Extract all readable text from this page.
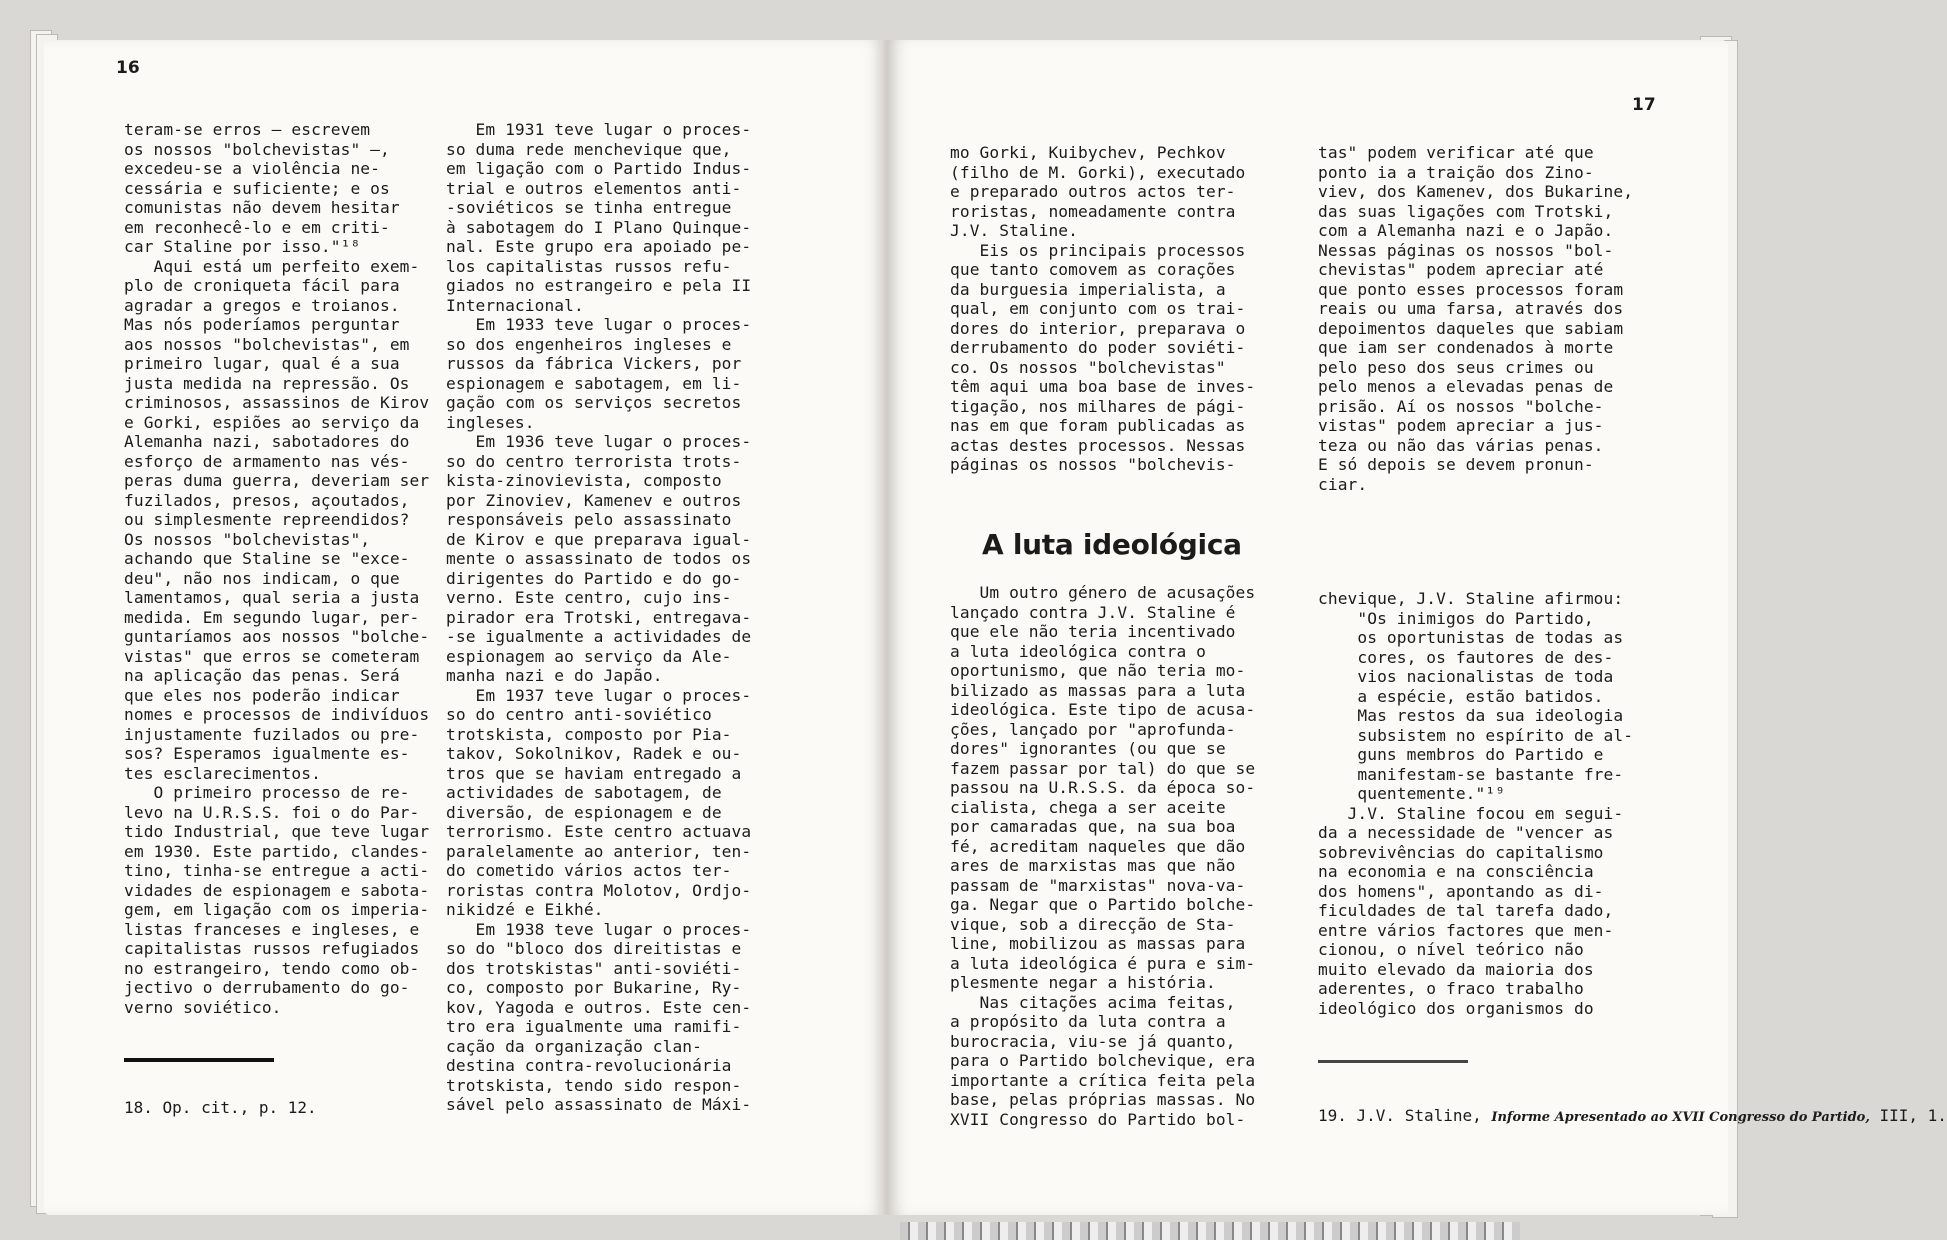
16
teram-se erros — escrevem
os nossos "bolchevistas" —,
excedeu-se a violência ne-
cessária e suficiente; e os
comunistas não devem hesitar
em reconhecê-lo e em criti-
car Staline por isso."¹⁸
Aqui está um perfeito exem-
plo de croniqueta fácil para
agradar a gregos e troianos.
Mas nós poderíamos perguntar
aos nossos "bolchevistas", em
primeiro lugar, qual é a sua
justa medida na repressão. Os
criminosos, assassinos de Kirov
e Gorki, espiões ao serviço da
Alemanha nazi, sabotadores do
esforço de armamento nas vés-
peras duma guerra, deveriam ser
fuzilados, presos, açoutados,
ou simplesmente repreendidos?
Os nossos "bolchevistas",
achando que Staline se "exce-
deu", não nos indicam, o que
lamentamos, qual seria a justa
medida. Em segundo lugar, per-
guntaríamos aos nossos "bolche-
vistas" que erros se cometeram
na aplicação das penas. Será
que eles nos poderão indicar
nomes e processos de indivíduos
injustamente fuzilados ou pre-
sos? Esperamos igualmente es-
tes esclarecimentos.
O primeiro processo de re-
levo na U.R.S.S. foi o do Par-
tido Industrial, que teve lugar
em 1930. Este partido, clandes-
tino, tinha-se entregue a acti-
vidades de espionagem e sabota-
gem, em ligação com os imperia-
listas franceses e ingleses, e
capitalistas russos refugiados
no estrangeiro, tendo como ob-
jectivo o derrubamento do go-
verno soviético.
Em 1931 teve lugar o proces-
so duma rede menchevique que,
em ligação com o Partido Indus-
trial e outros elementos anti-
-soviéticos se tinha entregue
à sabotagem do I Plano Quinque-
nal. Este grupo era apoiado pe-
los capitalistas russos refu-
giados no estrangeiro e pela II
Internacional.
Em 1933 teve lugar o proces-
so dos engenheiros ingleses e
russos da fábrica Vickers, por
espionagem e sabotagem, em li-
gação com os serviços secretos
ingleses.
Em 1936 teve lugar o proces-
so do centro terrorista trots-
kista-zinovievista, composto
por Zinoviev, Kamenev e outros
responsáveis pelo assassinato
de Kirov e que preparava igual-
mente o assassinato de todos os
dirigentes do Partido e do go-
verno. Este centro, cujo ins-
pirador era Trotski, entregava-
-se igualmente a actividades de
espionagem ao serviço da Ale-
manha nazi e do Japão.
Em 1937 teve lugar o proces-
so do centro anti-soviético
trotskista, composto por Pia-
takov, Sokolnikov, Radek e ou-
tros que se haviam entregado a
actividades de sabotagem, de
diversão, de espionagem e de
terrorismo. Este centro actuava
paralelamente ao anterior, ten-
do cometido vários actos ter-
roristas contra Molotov, Ordjo-
nikidzé e Eikhé.
Em 1938 teve lugar o proces-
so do "bloco dos direitistas e
dos trotskistas" anti-soviéti-
co, composto por Bukarine, Ry-
kov, Yagoda e outros. Este cen-
tro era igualmente uma ramifi-
cação da organização clan-
destina contra-revolucionária
trotskista, tendo sido respon-
sável pelo assassinato de Máxi-
18. Op. cit., p. 12.
17
mo Gorki, Kuibychev, Pechkov
(filho de M. Gorki), executado
e preparado outros actos ter-
roristas, nomeadamente contra
J.V. Staline.
Eis os principais processos
que tanto comovem as corações
da burguesia imperialista, a
qual, em conjunto com os trai-
dores do interior, preparava o
derrubamento do poder soviéti-
co. Os nossos "bolchevistas"
têm aqui uma boa base de inves-
tigação, nos milhares de pági-
nas em que foram publicadas as
actas destes processos. Nessas
páginas os nossos "bolchevis-
tas" podem verificar até que
ponto ia a traição dos Zino-
viev, dos Kamenev, dos Bukarine,
das suas ligações com Trotski,
com a Alemanha nazi e o Japão.
Nessas páginas os nossos "bol-
chevistas" podem apreciar até
que ponto esses processos foram
reais ou uma farsa, através dos
depoimentos daqueles que sabiam
que iam ser condenados à morte
pelo peso dos seus crimes ou
pelo menos a elevadas penas de
prisão. Aí os nossos "bolche-
vistas" podem apreciar a jus-
teza ou não das várias penas.
E só depois se devem pronun-
ciar.
A luta ideológica
Um outro género de acusações
lançado contra J.V. Staline é
que ele não teria incentivado
a luta ideológica contra o
oportunismo, que não teria mo-
bilizado as massas para a luta
ideológica. Este tipo de acusa-
ções, lançado por "aprofunda-
dores" ignorantes (ou que se
fazem passar por tal) do que se
passou na U.R.S.S. da época so-
cialista, chega a ser aceite
por camaradas que, na sua boa
fé, acreditam naqueles que dão
ares de marxistas mas que não
passam de "marxistas" nova-va-
ga. Negar que o Partido bolche-
vique, sob a direcção de Sta-
line, mobilizou as massas para
a luta ideológica é pura e sim-
plesmente negar a história.
Nas citações acima feitas,
a propósito da luta contra a
burocracia, viu-se já quanto,
para o Partido bolchevique, era
importante a crítica feita pela
base, pelas próprias massas. No
XVII Congresso do Partido bol-
chevique, J.V. Staline afirmou:
"Os inimigos do Partido,
os oportunistas de todas as
cores, os fautores de des-
vios nacionalistas de toda
a espécie, estão batidos.
Mas restos da sua ideologia
subsistem no espírito de al-
guns membros do Partido e
manifestam-se bastante fre-
quentemente."¹⁹
J.V. Staline focou em segui-
da a necessidade de "vencer as
sobrevivências do capitalismo
na economia e na consciência
dos homens", apontando as di-
ficuldades de tal tarefa dado,
entre vários factores que men-
cionou, o nível teórico não
muito elevado da maioria dos
aderentes, o fraco trabalho
ideológico dos organismos do
19. J.V. Staline, Informe Apresentado ao XVII Congresso do Partido, III, 1.
